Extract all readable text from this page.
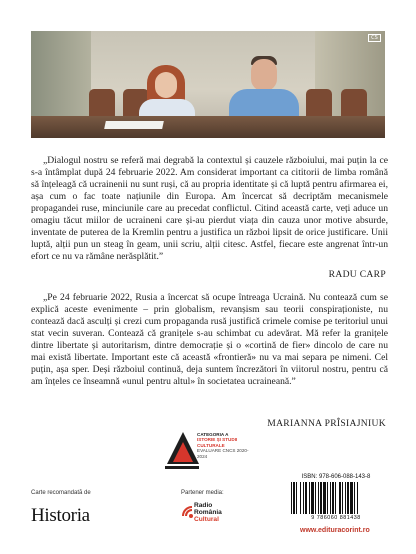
CS
„Dialogul nostru se referă mai degrabă la contextul și cauzele războiului, mai puțin la ce s-a întâmplat după 24 februarie 2022. Am considerat important ca cititorii de limba română să înțeleagă că ucrainenii nu sunt ruși, că au propria identitate și că luptă pentru afirmarea ei, așa cum o fac toate națiunile din Europa. Am încercat să decriptăm mecanismele propagandei ruse, minciunile care au precedat conflictul. Citind această carte, veți aduce un omagiu tăcut miilor de ucraineni care și-au pierdut viața din cauza unor motive absurde, inventate de puterea de la Kremlin pentru a justifica un război lipsit de orice justificare. Unii luptă, alții pun un steag în geam, unii scriu, alții citesc. Astfel, fiecare este angrenat într-un efort ce nu va rămâne nerăsplătit.”
RADU CARP
„Pe 24 februarie 2022, Rusia a încercat să ocupe întreaga Ucraină. Nu contează cum se explică aceste evenimente – prin globalism, revanșism sau teorii conspiraționiste, nu contează dacă asculți și crezi cum propaganda rusă justifică crimele comise pe teritoriul unui stat vecin suveran. Contează că granițele s-au schimbat cu adevărat. Mă refer la granițele dintre libertate și autoritarism, dintre democrație și o «cortină de fier» dincolo de care nu mai există libertate. Important este că aceastǎ «frontieră» nu va mai separa pe nimeni. Cel puțin, așa sper. Deși războiul continuă, deja suntem încrezători în viitorul nostru, pentru că am înțeles ce înseamnă «unul pentru altul» în societatea ucraineană.”
MARIANNA PRÎSIAJNIUK
CATEGORIA A
ISTORIE ȘI STUDII CULTURALE
EVALUARE CNCS 2020-2024
Carte recomandată de
Historia
Partener media:
Radio
România
Cultural
ISBN: 978-606-088-143-8
9 786060 881438
www.edituracorint.ro
